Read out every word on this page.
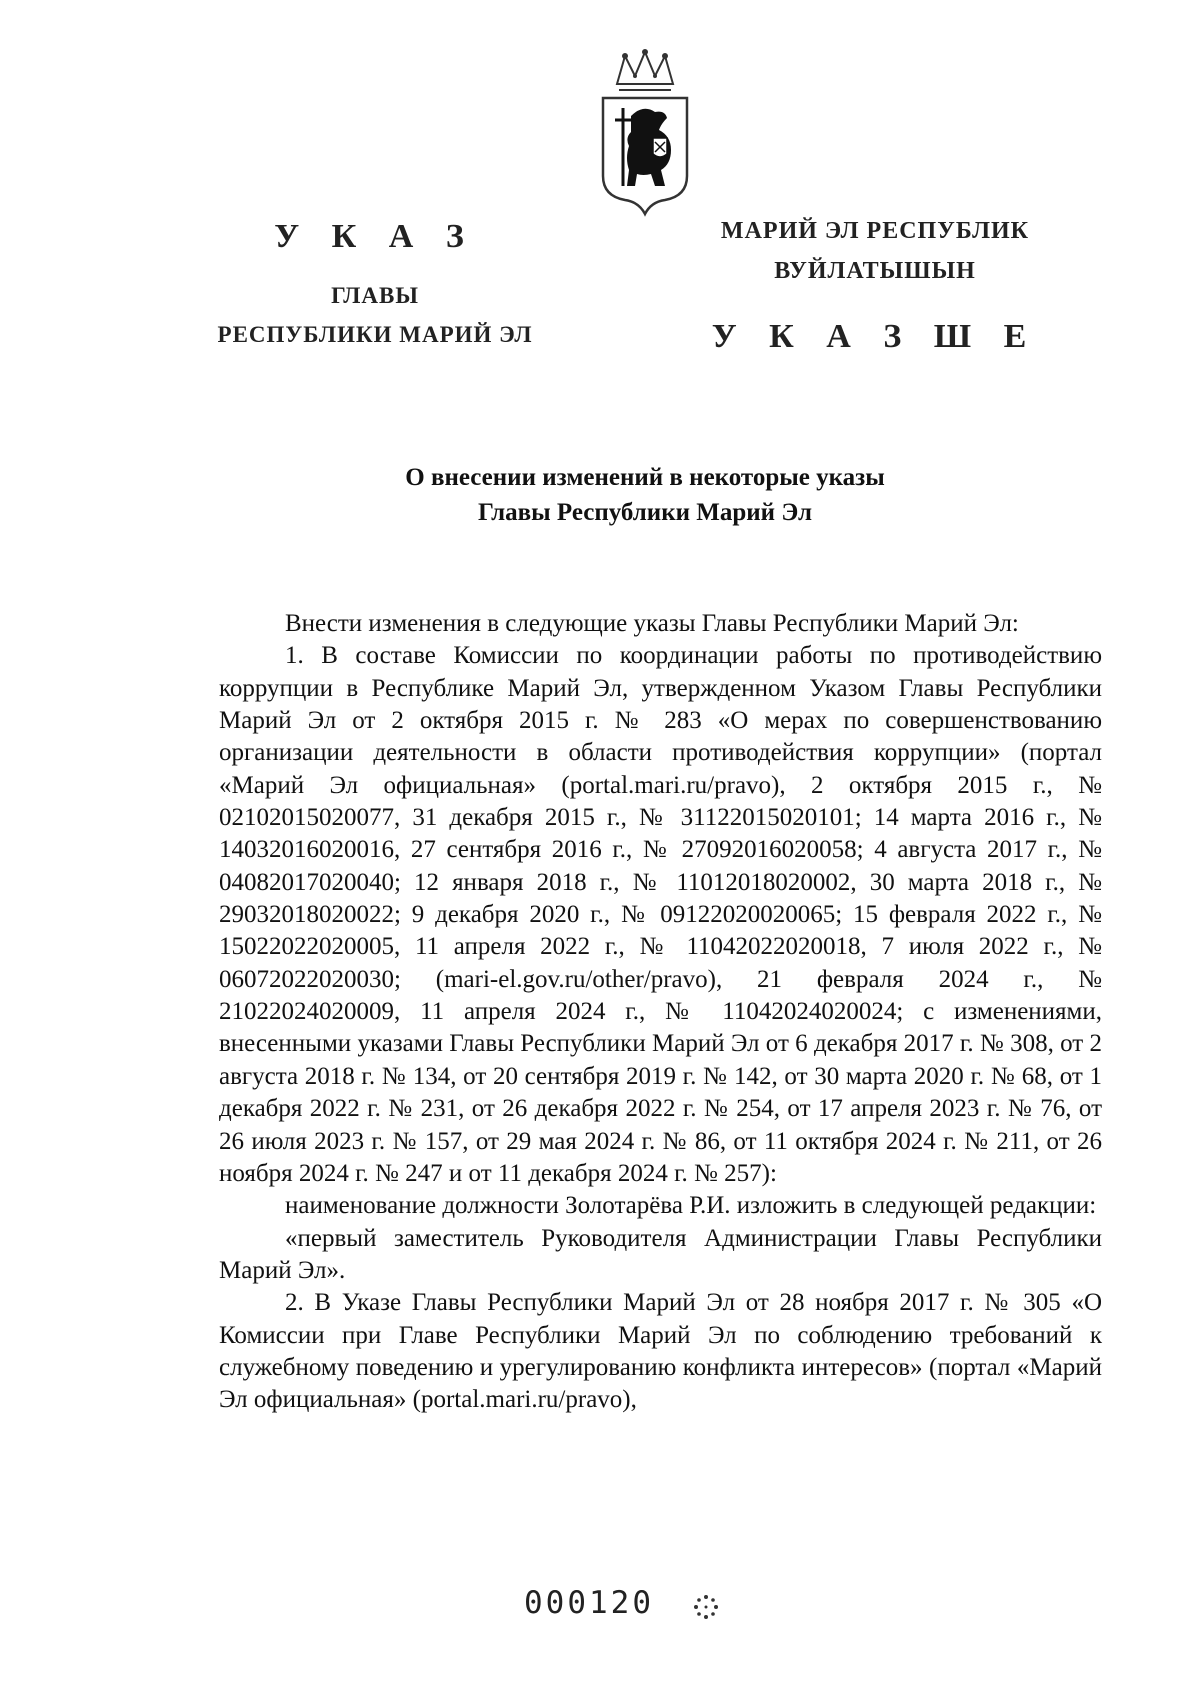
У К А З
ГЛАВЫ
РЕСПУБЛИКИ МАРИЙ ЭЛ
МАРИЙ ЭЛ РЕСПУБЛИК
ВУЙЛАТЫШЫН
У К А З Ш Е
О внесении изменений в некоторые указы
Главы Республики Марий Эл

Внести изменения в следующие указы Главы Республики Марий Эл:

1. В составе Комиссии по координации работы по противодействию коррупции в Республике Марий Эл, утвержденном Указом Главы Республики Марий Эл от 2 октября 2015 г. № 283 «О мерах по совершенствованию организации деятельности в области противодействия коррупции» (портал «Марий Эл официальная» (portal.mari.ru/pravo), 2 октября 2015 г., № 02102015020077, 31 декабря 2015 г., № 31122015020101; 14 марта 2016 г., № 14032016020016, 27 сентября 2016 г., № 27092016020058; 4 августа 2017 г., № 04082017020040; 12 января 2018 г., № 11012018020002, 30 марта 2018 г., № 29032018020022; 9 декабря 2020 г., № 09122020020065; 15 февраля 2022 г., № 15022022020005, 11 апреля 2022 г., № 11042022020018, 7 июля 2022 г., № 06072022020030; (mari-el.gov.ru/other/pravo), 21 февраля 2024 г., № 21022024020009, 11 апреля 2024 г., № 11042024020024; с изменениями, внесенными указами Главы Республики Марий Эл от 6 декабря 2017 г. № 308, от 2 августа 2018 г. № 134, от 20 сентября 2019 г. № 142, от 30 марта 2020 г. № 68, от 1 декабря 2022 г. № 231, от 26 декабря 2022 г. № 254, от 17 апреля 2023 г. № 76, от 26 июля 2023 г. № 157, от 29 мая 2024 г. № 86, от 11 октября 2024 г. № 211, от 26 ноября 2024 г. № 247 и от 11 декабря 2024 г. № 257):

наименование должности Золотарёва Р.И. изложить в следующей редакции:

«первый заместитель Руководителя Администрации Главы Республики Марий Эл».

2. В Указе Главы Республики Марий Эл от 28 ноября 2017 г. № 305 «О Комиссии при Главе Республики Марий Эл по соблюдению требований к служебному поведению и урегулированию конфликта интересов» (портал «Марий Эл официальная» (portal.mari.ru/pravo),

000120
